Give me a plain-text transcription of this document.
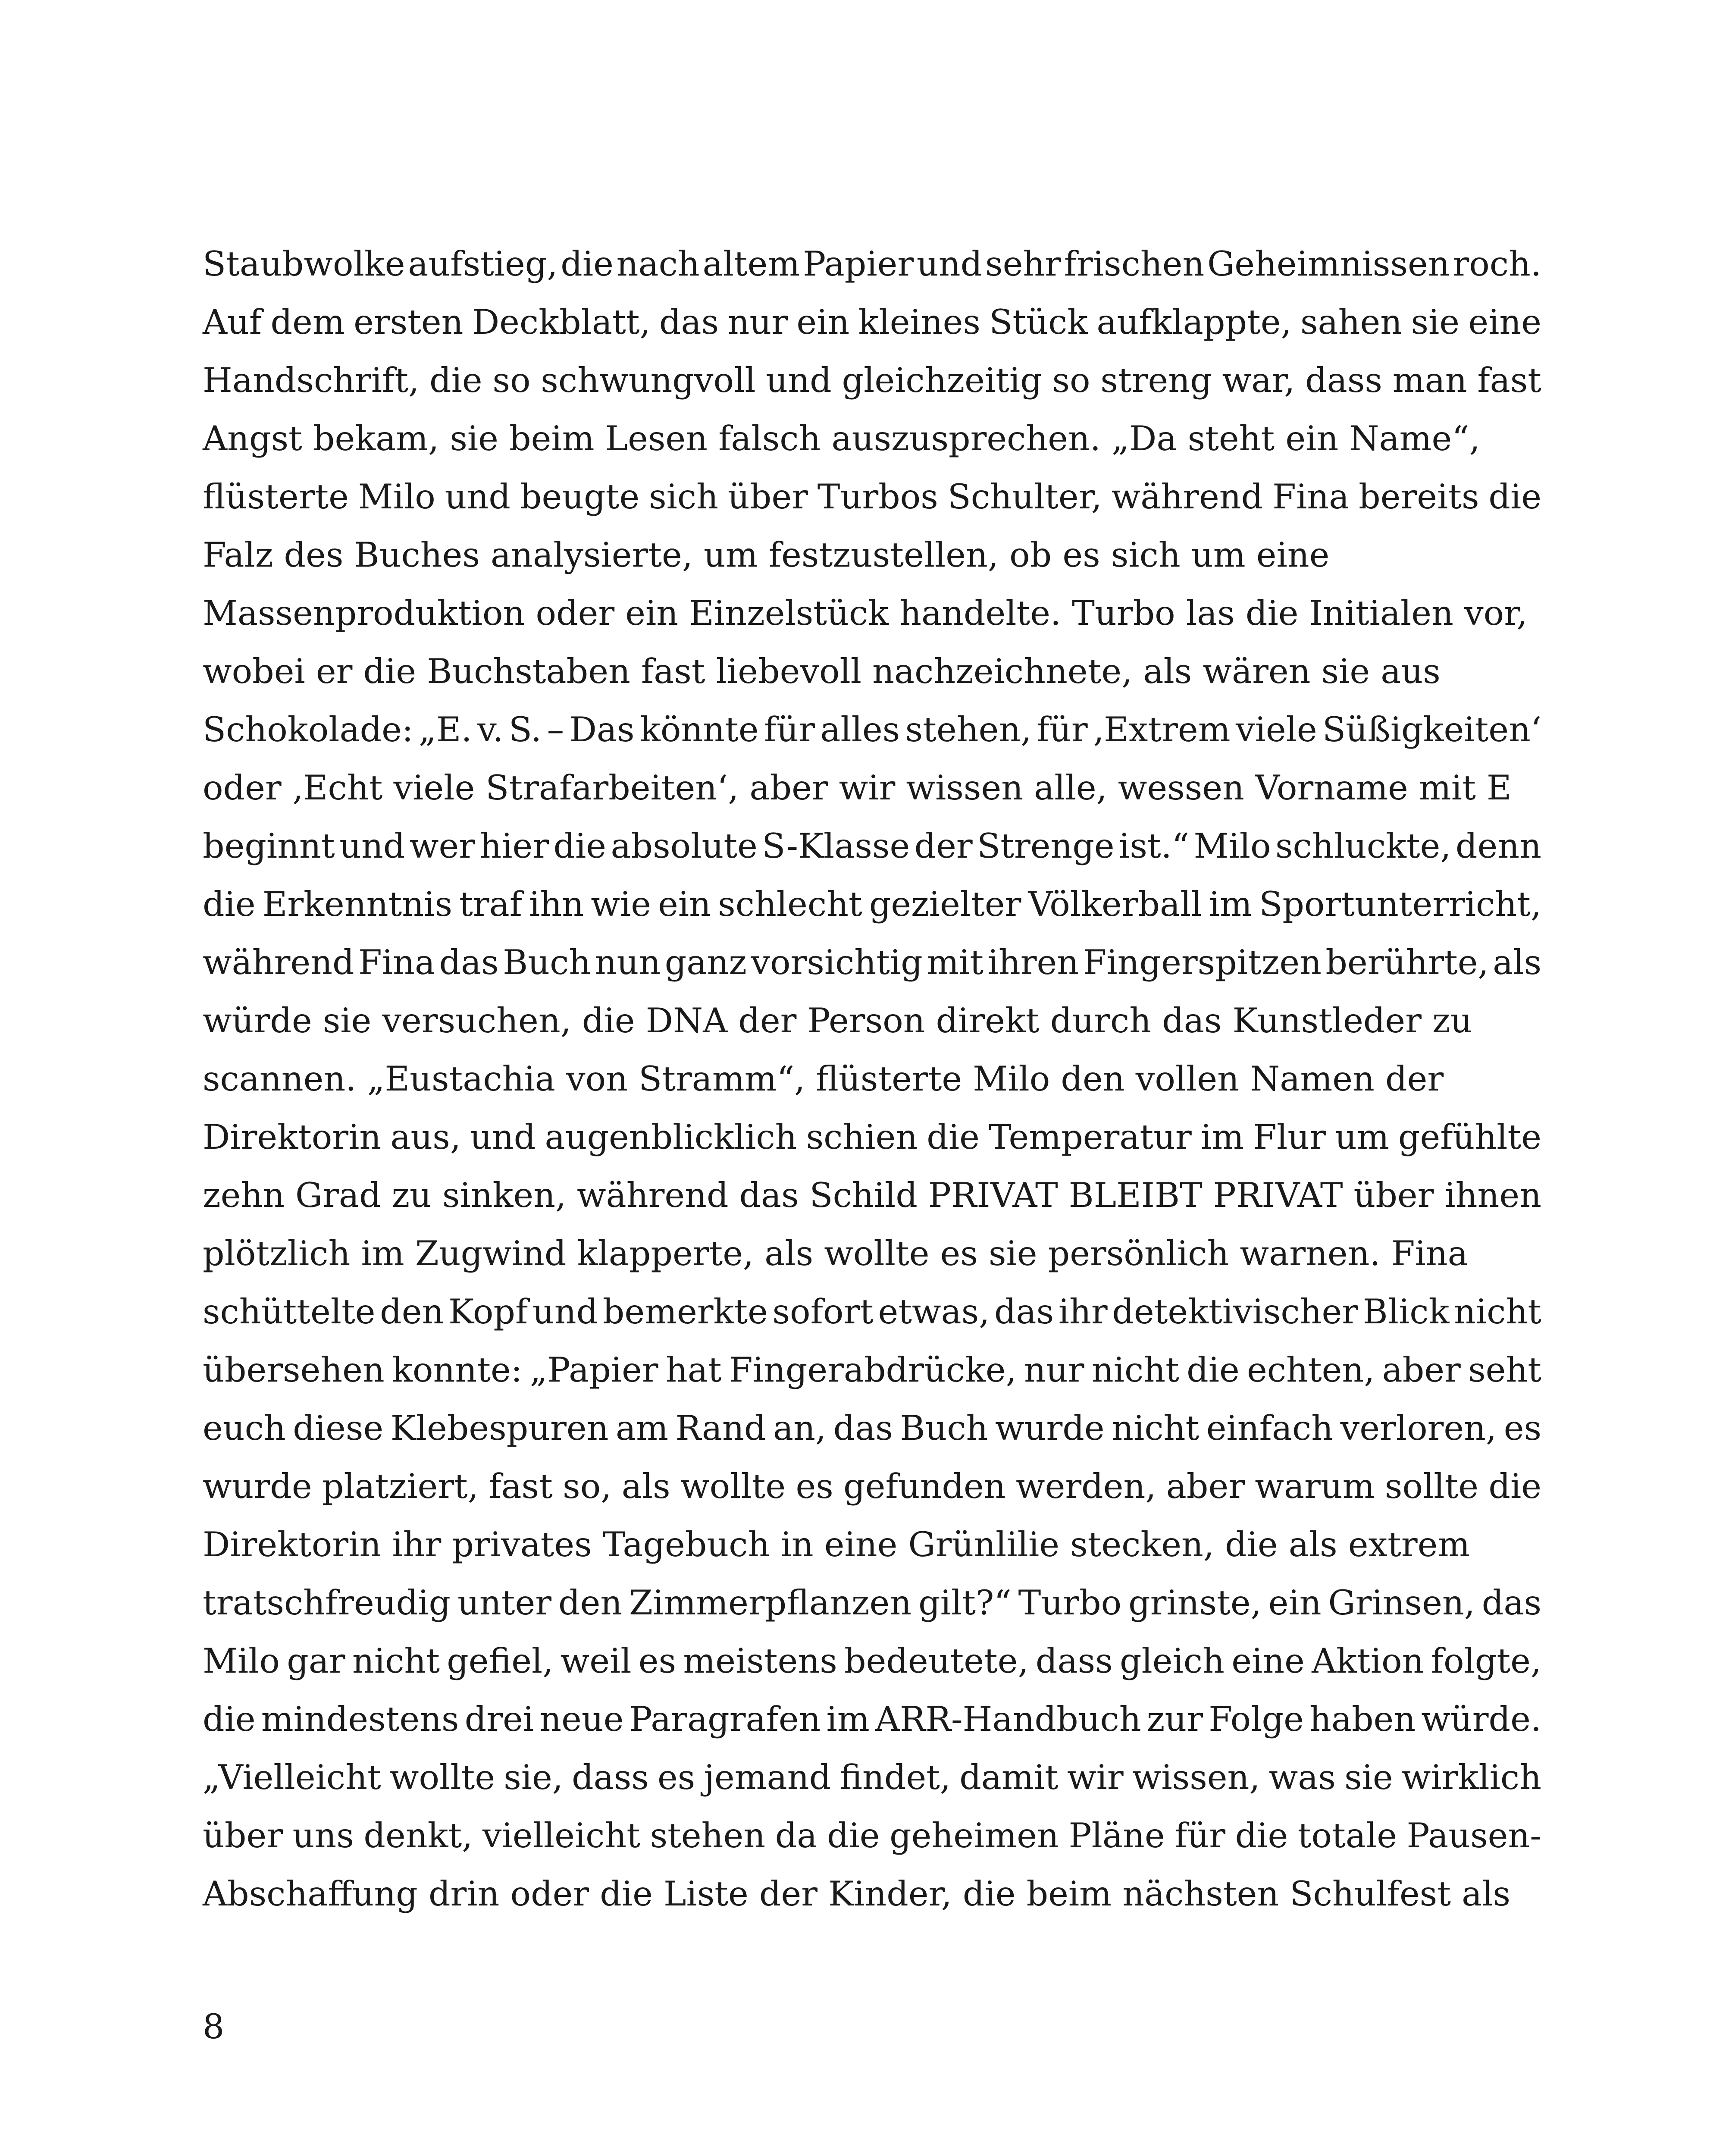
Staubwolke aufstieg, die nach altem Papier und sehr frischen Geheimnissen roch.
Auf dem ersten Deckblatt, das nur ein kleines Stück aufklappte, sahen sie eine
Handschrift, die so schwungvoll und gleichzeitig so streng war, dass man fast
Angst bekam, sie beim Lesen falsch auszusprechen. „Da steht ein Name“,
flüsterte Milo und beugte sich über Turbos Schulter, während Fina bereits die
Falz des Buches analysierte, um festzustellen, ob es sich um eine
Massenproduktion oder ein Einzelstück handelte. Turbo las die Initialen vor,
wobei er die Buchstaben fast liebevoll nachzeichnete, als wären sie aus
Schokolade: „E. v. S. – Das könnte für alles stehen, für ‚Extrem viele Süßigkeiten‘
oder ‚Echt viele Strafarbeiten‘, aber wir wissen alle, wessen Vorname mit E
beginnt und wer hier die absolute S-Klasse der Strenge ist.“ Milo schluckte, denn
die Erkenntnis traf ihn wie ein schlecht gezielter Völkerball im Sportunterricht,
während Fina das Buch nun ganz vorsichtig mit ihren Fingerspitzen berührte, als
würde sie versuchen, die DNA der Person direkt durch das Kunstleder zu
scannen. „Eustachia von Stramm“, flüsterte Milo den vollen Namen der
Direktorin aus, und augenblicklich schien die Temperatur im Flur um gefühlte
zehn Grad zu sinken, während das Schild PRIVAT BLEIBT PRIVAT über ihnen
plötzlich im Zugwind klapperte, als wollte es sie persönlich warnen. Fina
schüttelte den Kopf und bemerkte sofort etwas, das ihr detektivischer Blick nicht
übersehen konnte: „Papier hat Fingerabdrücke, nur nicht die echten, aber seht
euch diese Klebespuren am Rand an, das Buch wurde nicht einfach verloren, es
wurde platziert, fast so, als wollte es gefunden werden, aber warum sollte die
Direktorin ihr privates Tagebuch in eine Grünlilie stecken, die als extrem
tratschfreudig unter den Zimmerpflanzen gilt?“ Turbo grinste, ein Grinsen, das
Milo gar nicht gefiel, weil es meistens bedeutete, dass gleich eine Aktion folgte,
die mindestens drei neue Paragrafen im ARR-Handbuch zur Folge haben würde.
„Vielleicht wollte sie, dass es jemand findet, damit wir wissen, was sie wirklich
über uns denkt, vielleicht stehen da die geheimen Pläne für die totale Pausen-
Abschaffung drin oder die Liste der Kinder, die beim nächsten Schulfest als

8
